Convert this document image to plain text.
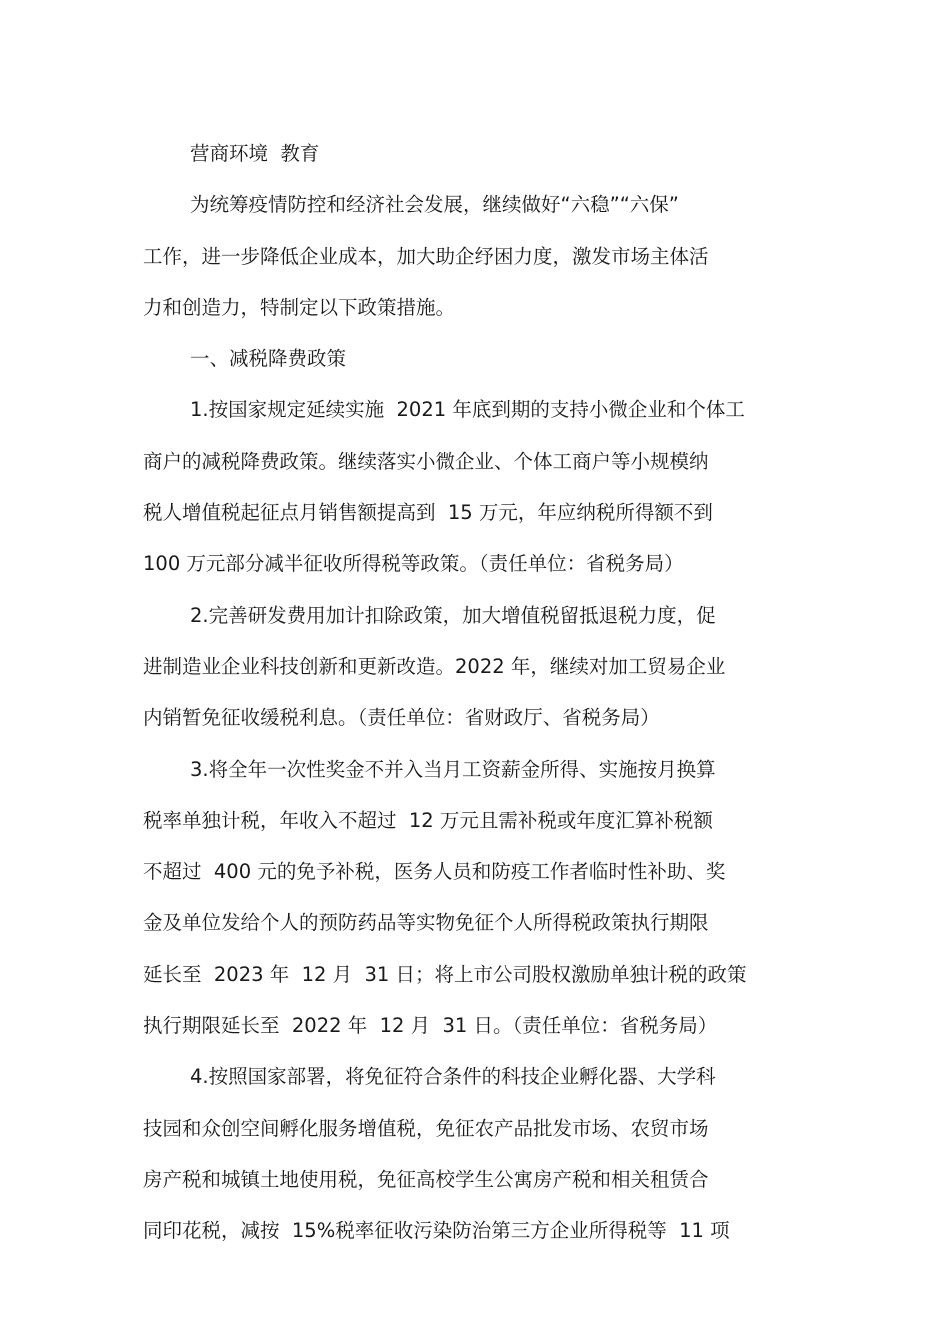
营商环境  教育
为统筹疫情防控和经济社会发展，继续做好“六稳”“六保”
工作，进一步降低企业成本，加大助企纾困力度，激发市场主体活
力和创造力，特制定以下政策措施。
一、减税降费政策
1.按国家规定延续实施  2021 年底到期的支持小微企业和个体工
商户的减税降费政策。继续落实小微企业、个体工商户等小规模纳
税人增值税起征点月销售额提高到  15 万元，年应纳税所得额不到
100 万元部分减半征收所得税等政策。（责任单位：省税务局）
2.完善研发费用加计扣除政策，加大增值税留抵退税力度，促
进制造业企业科技创新和更新改造。2022 年，继续对加工贸易企业
内销暂免征收缓税利息。（责任单位：省财政厅、省税务局）
3.将全年一次性奖金不并入当月工资薪金所得、实施按月换算
税率单独计税，年收入不超过  12 万元且需补税或年度汇算补税额
不超过  400 元的免予补税，医务人员和防疫工作者临时性补助、奖
金及单位发给个人的预防药品等实物免征个人所得税政策执行期限
延长至  2023 年  12 月  31 日；将上市公司股权激励单独计税的政策
执行期限延长至  2022 年  12 月  31 日。（责任单位：省税务局）
4.按照国家部署，将免征符合条件的科技企业孵化器、大学科
技园和众创空间孵化服务增值税，免征农产品批发市场、农贸市场
房产税和城镇土地使用税，免征高校学生公寓房产税和相关租赁合
同印花税，减按  15%税率征收污染防治第三方企业所得税等  11 项
